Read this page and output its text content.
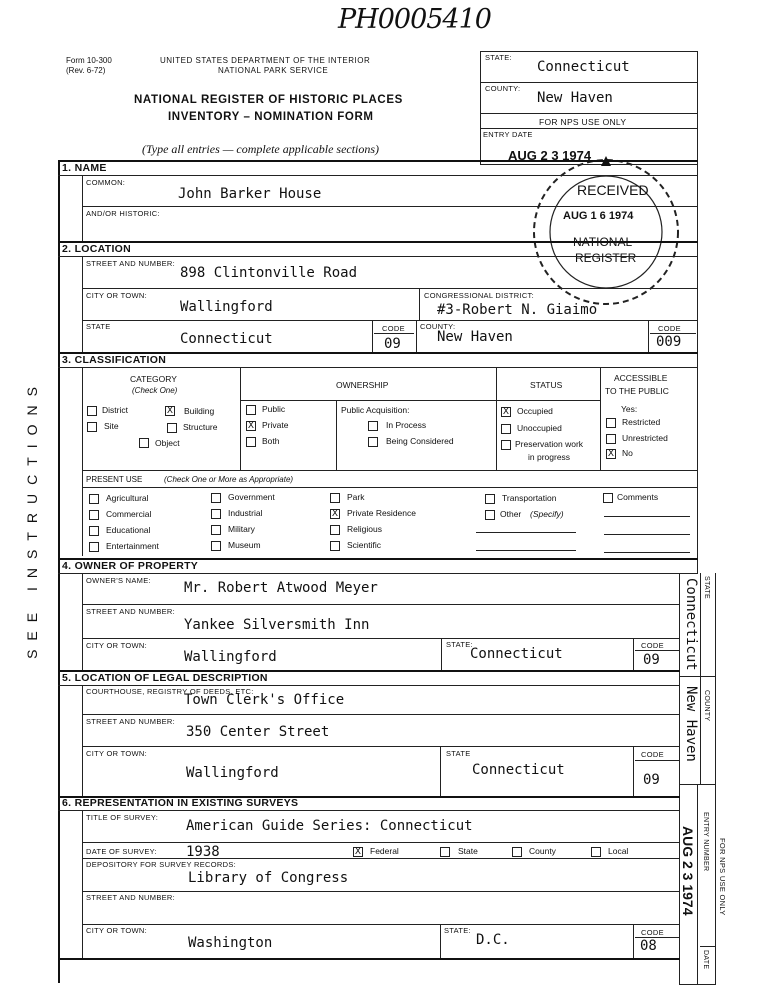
PH0005410
Form 10-300
(Rev. 6-72)
UNITED STATES DEPARTMENT OF THE INTERIOR
NATIONAL PARK SERVICE
NATIONAL REGISTER OF HISTORIC PLACES
INVENTORY – NOMINATION FORM
(Type all entries — complete applicable sections)
STATE:
Connecticut
COUNTY:
New Haven
FOR NPS USE ONLY
ENTRY DATE
AUG 2 3 1974
RECEIVED
AUG 1 6 1974
NATIONAL
REGISTER
SEE INSTRUCTIONS
1. NAME
COMMON:
John Barker House
AND/OR HISTORIC:
2. LOCATION
STREET AND NUMBER:
898 Clintonville Road
CITY OR TOWN:
Wallingford
CONGRESSIONAL DISTRICT:
#3-Robert N. Giaimo
STATE
Connecticut
CODE
09
COUNTY:
New Haven
CODE
009
3. CLASSIFICATION
CATEGORY
(Check One)
OWNERSHIP	STATUS
ACCESSIBLE
TO THE PUBLIC
District	X Building
Site	Structure
Object
Public
X Private
Both
Public Acquisition:
In Process
Being Considered
X Occupied
Unoccupied
Preservation work
in progress
Yes:
Restricted
Unrestricted
X No
PRESENT USE	(Check One or More as Appropriate)
Agricultural
Commercial
Educational
Entertainment
Government
Industrial
Military
Museum
Park
X Private Residence
Religious
Scientific
Transportation
Other (Specify)
Comments
4. OWNER OF PROPERTY
OWNER'S NAME: Mr. Robert Atwood Meyer
STREET AND NUMBER:
Yankee Silversmith Inn
CITY OR TOWN:
Wallingford
STATE:
Connecticut
CODE
09
5. LOCATION OF LEGAL DESCRIPTION
COURTHOUSE, REGISTRY OF DEEDS, ETC:
Town Clerk's Office
STREET AND NUMBER:
350 Center Street
CITY OR TOWN:
Wallingford
STATE
Connecticut
CODE
09
6. REPRESENTATION IN EXISTING SURVEYS
TITLE OF SURVEY:
American Guide Series: Connecticut
DATE OF SURVEY: 1938	X Federal	State	County	Local
DEPOSITORY FOR SURVEY RECORDS:
Library of Congress
STREET AND NUMBER:
CITY OR TOWN:
Washington
STATE:
D.C.	CODE
08
STATE
Connecticut
COUNTY
New Haven
ENTRY NUMBER
AUG 2 3 1974	FOR NPS USE ONLY
DATE
